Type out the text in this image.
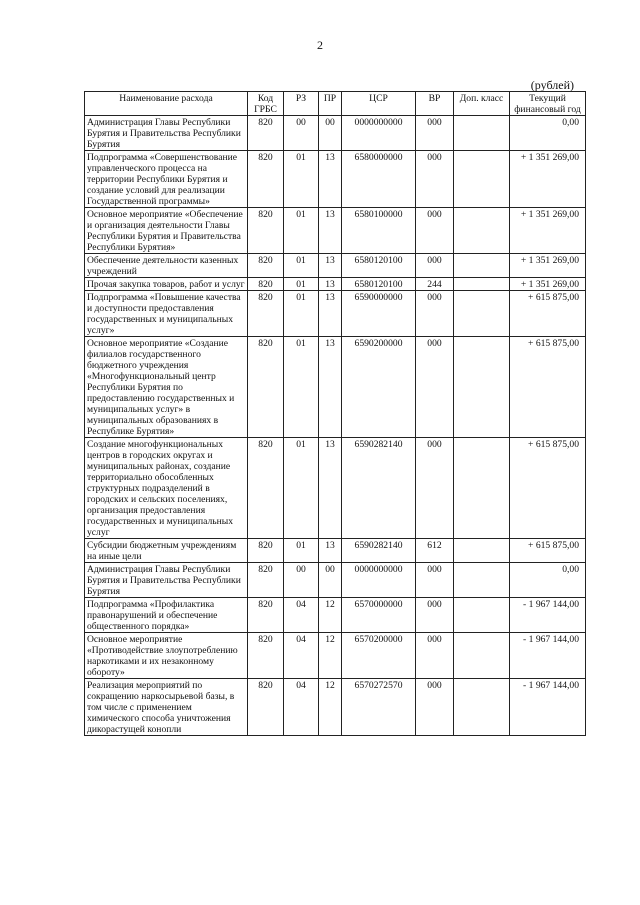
2
(рублей)
Наименование расхода	Код ГРБС	РЗ	ПР	ЦСР	ВР	Доп. класс	Текущий финансовый год
Администрация Главы Республики Бурятия и Правительства Республики Бурятия	820	00	00	0000000000	000		0,00
Подпрограмма «Совершенствование управленческого процесса на территории Республики Бурятия и создание условий для реализации Государственной программы»	820	01	13	6580000000	000		+ 1 351 269,00
Основное мероприятие «Обеспечение и организация деятельности Главы Республики Бурятия и Правительства Республики Бурятия»	820	01	13	6580100000	000		+ 1 351 269,00
Обеспечение деятельности казенных учреждений	820	01	13	6580120100	000		+ 1 351 269,00
Прочая закупка товаров, работ и услуг	820	01	13	6580120100	244		+ 1 351 269,00
Подпрограмма «Повышение качества и доступности предоставления государственных и муниципальных услуг»	820	01	13	6590000000	000		+ 615 875,00
Основное мероприятие «Создание филиалов государственного бюджетного учреждения «Многофункциональный центр Республики Бурятия по предоставлению государственных и муниципальных услуг» в муниципальных образованиях в Республике Бурятия»	820	01	13	6590200000	000		+ 615 875,00
Создание многофункциональных центров в городских округах и муниципальных районах, создание территориально обособленных структурных подразделений в городских и сельских поселениях, организация предоставления государственных и муниципальных услуг	820	01	13	6590282140	000		+ 615 875,00
Субсидии бюджетным учреждениям на иные цели	820	01	13	6590282140	612		+ 615 875,00
Администрация Главы Республики Бурятия и Правительства Республики Бурятия	820	00	00	0000000000	000		0,00
Подпрограмма «Профилактика правонарушений и обеспечение общественного порядка»	820	04	12	6570000000	000		- 1 967 144,00
Основное мероприятие «Противодействие злоупотреблению наркотиками и их незаконному обороту»	820	04	12	6570200000	000		- 1 967 144,00
Реализация мероприятий по сокращению наркосырьевой базы, в том числе с применением химического способа уничтожения дикорастущей конопли	820	04	12	6570272570	000		- 1 967 144,00
